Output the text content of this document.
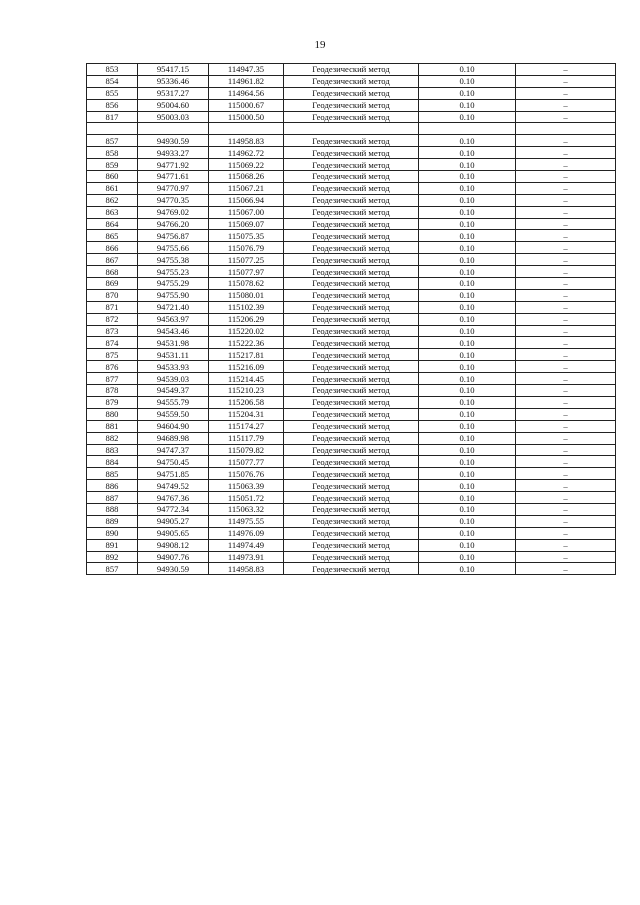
19
853	95417.15	114947.35	Геодезический метод	0.10	–
854	95336.46	114961.82	Геодезический метод	0.10	–
855	95317.27	114964.56	Геодезический метод	0.10	–
856	95004.60	115000.67	Геодезический метод	0.10	–
817	95003.03	115000.50	Геодезический метод	0.10	–

857	94930.59	114958.83	Геодезический метод	0.10	–
858	94933.27	114962.72	Геодезический метод	0.10	–
859	94771.92	115069.22	Геодезический метод	0.10	–
860	94771.61	115068.26	Геодезический метод	0.10	–
861	94770.97	115067.21	Геодезический метод	0.10	–
862	94770.35	115066.94	Геодезический метод	0.10	–
863	94769.02	115067.00	Геодезический метод	0.10	–
864	94766.20	115069.07	Геодезический метод	0.10	–
865	94756.87	115075.35	Геодезический метод	0.10	–
866	94755.66	115076.79	Геодезический метод	0.10	–
867	94755.38	115077.25	Геодезический метод	0.10	–
868	94755.23	115077.97	Геодезический метод	0.10	–
869	94755.29	115078.62	Геодезический метод	0.10	–
870	94755.90	115080.01	Геодезический метод	0.10	–
871	94721.40	115102.39	Геодезический метод	0.10	–
872	94563.97	115206.29	Геодезический метод	0.10	–
873	94543.46	115220.02	Геодезический метод	0.10	–
874	94531.98	115222.36	Геодезический метод	0.10	–
875	94531.11	115217.81	Геодезический метод	0.10	–
876	94533.93	115216.09	Геодезический метод	0.10	–
877	94539.03	115214.45	Геодезический метод	0.10	–
878	94549.37	115210.23	Геодезический метод	0.10	–
879	94555.79	115206.58	Геодезический метод	0.10	–
880	94559.50	115204.31	Геодезический метод	0.10	–
881	94604.90	115174.27	Геодезический метод	0.10	–
882	94689.98	115117.79	Геодезический метод	0.10	–
883	94747.37	115079.82	Геодезический метод	0.10	–
884	94750.45	115077.77	Геодезический метод	0.10	–
885	94751.85	115076.76	Геодезический метод	0.10	–
886	94749.52	115063.39	Геодезический метод	0.10	–
887	94767.36	115051.72	Геодезический метод	0.10	–
888	94772.34	115063.32	Геодезический метод	0.10	–
889	94905.27	114975.55	Геодезический метод	0.10	–
890	94905.65	114976.09	Геодезический метод	0.10	–
891	94908.12	114974.49	Геодезический метод	0.10	–
892	94907.76	114973.91	Геодезический метод	0.10	–
857	94930.59	114958.83	Геодезический метод	0.10	–
